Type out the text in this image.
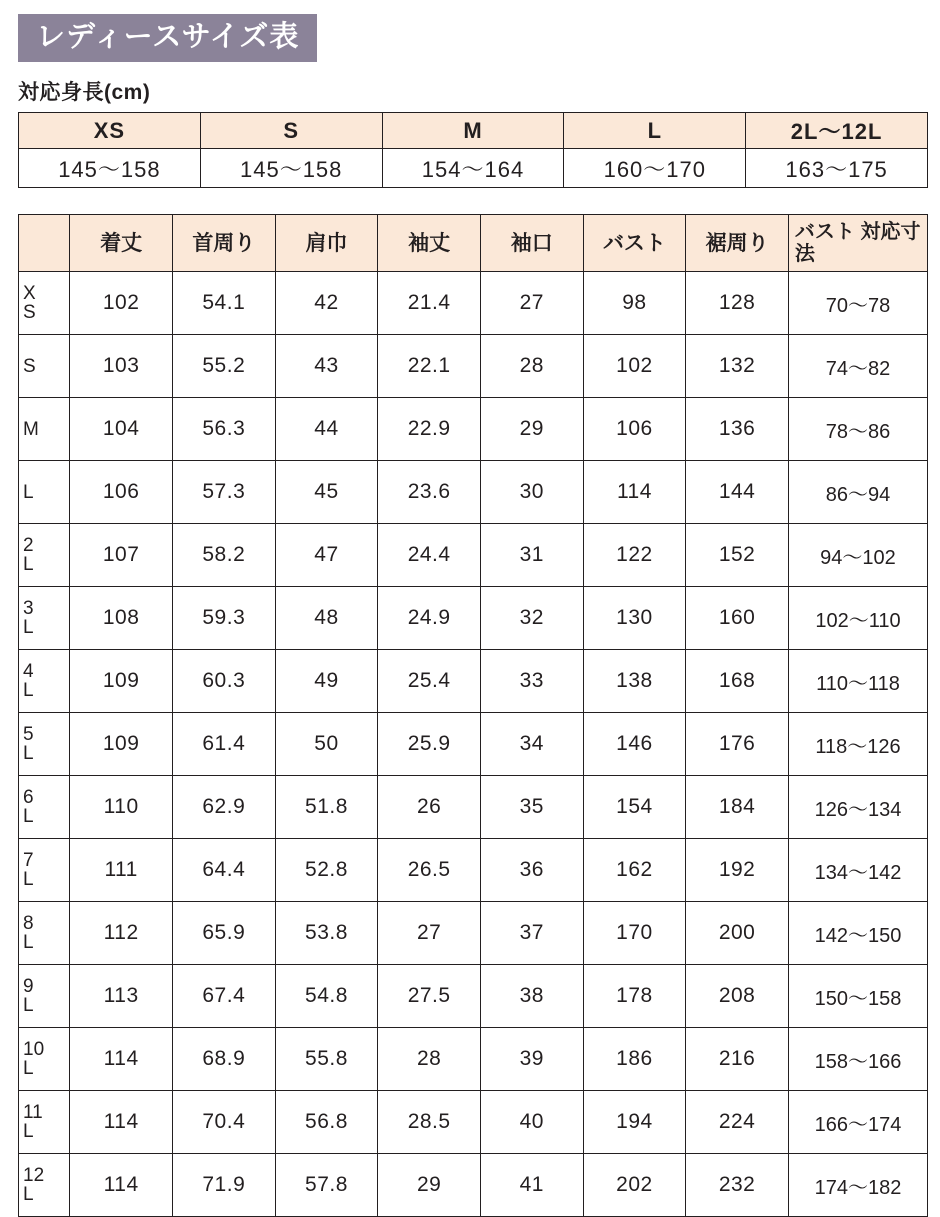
レディースサイズ表
対応身長(cm)
XS	S	M	L	2L〜12L
145〜158	145〜158	154〜164	160〜170	163〜175
	着丈	首周り	肩巾	袖丈	袖口	バスト	裾周り	バスト 対応寸法

X
S	102	54.1	42	21.4	27	98	128	70〜78

S	103	55.2	43	22.1	28	102	132	74〜82

M	104	56.3	44	22.9	29	106	136	78〜86

L	106	57.3	45	23.6	30	114	144	86〜94

2
L	107	58.2	47	24.4	31	122	152	94〜102

3
L	108	59.3	48	24.9	32	130	160	102〜110

4
L	109	60.3	49	25.4	33	138	168	110〜118

5
L	109	61.4	50	25.9	34	146	176	118〜126

6
L	110	62.9	51.8	26	35	154	184	126〜134

7
L	111	64.4	52.8	26.5	36	162	192	134〜142

8
L	112	65.9	53.8	27	37	170	200	142〜150

9
L	113	67.4	54.8	27.5	38	178	208	150〜158

10
L	114	68.9	55.8	28	39	186	216	158〜166

11
L	114	70.4	56.8	28.5	40	194	224	166〜174

12
L	114	71.9	57.8	29	41	202	232	174〜182
